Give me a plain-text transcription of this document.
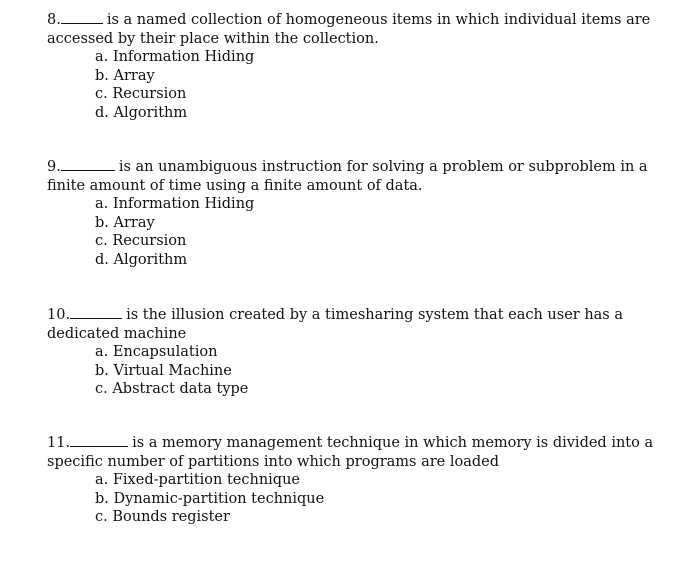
8.	is a named collection of homogeneous items in which individual items are accessed by their place within the collection.

a. Information Hiding
b. Array
c. Recursion
d. Algorithm

9.	is an unambiguous instruction for solving a problem or subproblem in a finite amount of time using a finite amount of data.

a. Information Hiding
b. Array
c. Recursion
d. Algorithm

10.	is the illusion created by a timesharing system that each user has a dedicated machine

a. Encapsulation
b. Virtual Machine
c. Abstract data type

11.	is a memory management technique in which memory is divided into a specific number of partitions into which programs are loaded

a. Fixed-partition technique
b. Dynamic-partition technique
c. Bounds register
